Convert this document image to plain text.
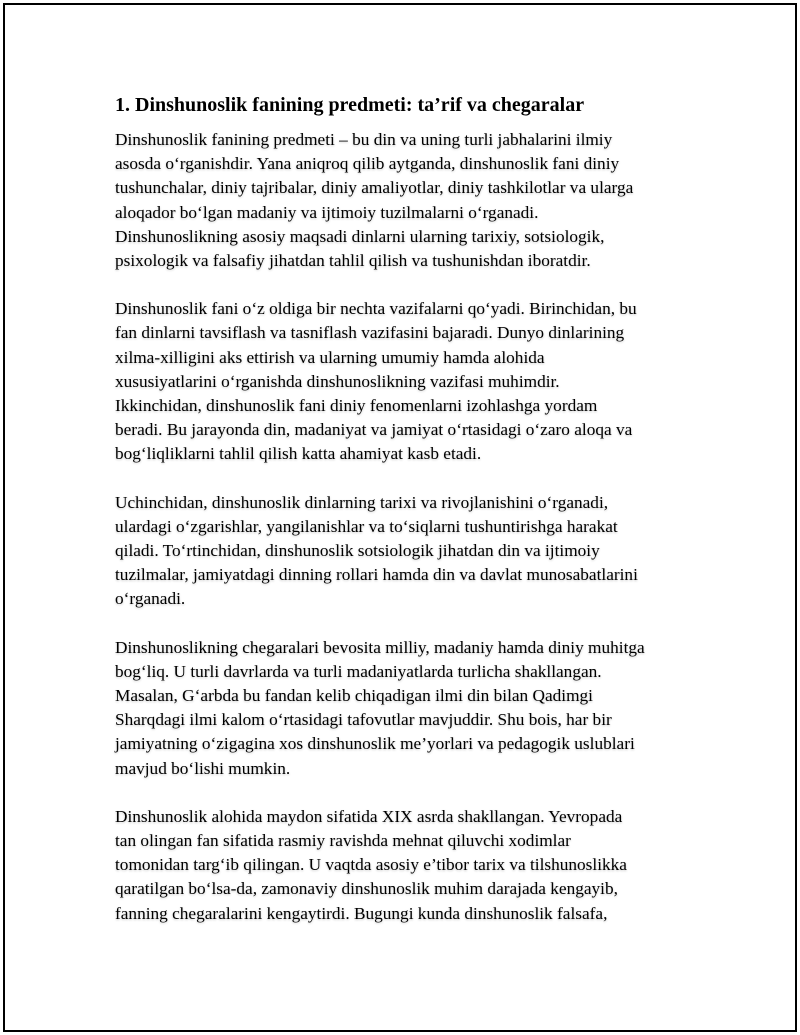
1. Dinshunoslik fanining predmeti: ta’rif va chegaralar
Dinshunoslik fanining predmeti – bu din va uning turli jabhalarini ilmiy
asosda o‘rganishdir. Yana aniqroq qilib aytganda, dinshunoslik fani diniy
tushunchalar, diniy tajribalar, diniy amaliyotlar, diniy tashkilotlar va ularga
aloqador bo‘lgan madaniy va ijtimoiy tuzilmalarni o‘rganadi.
Dinshunoslikning asosiy maqsadi dinlarni ularning tarixiy, sotsiologik,
psixologik va falsafiy jihatdan tahlil qilish va tushunishdan iboratdir.
Dinshunoslik fani o‘z oldiga bir nechta vazifalarni qo‘yadi. Birinchidan, bu
fan dinlarni tavsiflash va tasniflash vazifasini bajaradi. Dunyo dinlarining
xilma-xilligini aks ettirish va ularning umumiy hamda alohida
xususiyatlarini o‘rganishda dinshunoslikning vazifasi muhimdir.
Ikkinchidan, dinshunoslik fani diniy fenomenlarni izohlashga yordam
beradi. Bu jarayonda din, madaniyat va jamiyat o‘rtasidagi o‘zaro aloqa va
bog‘liqliklarni tahlil qilish katta ahamiyat kasb etadi.
Uchinchidan, dinshunoslik dinlarning tarixi va rivojlanishini o‘rganadi,
ulardagi o‘zgarishlar, yangilanishlar va to‘siqlarni tushuntirishga harakat
qiladi. To‘rtinchidan, dinshunoslik sotsiologik jihatdan din va ijtimoiy
tuzilmalar, jamiyatdagi dinning rollari hamda din va davlat munosabatlarini
o‘rganadi.
Dinshunoslikning chegaralari bevosita milliy, madaniy hamda diniy muhitga
bog‘liq. U turli davrlarda va turli madaniyatlarda turlicha shakllangan.
Masalan, G‘arbda bu fandan kelib chiqadigan ilmi din bilan Qadimgi
Sharqdagi ilmi kalom o‘rtasidagi tafovutlar mavjuddir. Shu bois, har bir
jamiyatning o‘zigagina xos dinshunoslik me’yorlari va pedagogik uslublari
mavjud bo‘lishi mumkin.
Dinshunoslik alohida maydon sifatida XIX asrda shakllangan. Yevropada
tan olingan fan sifatida rasmiy ravishda mehnat qiluvchi xodimlar
tomonidan targ‘ib qilingan. U vaqtda asosiy e’tibor tarix va tilshunoslikka
qaratilgan bo‘lsa-da, zamonaviy dinshunoslik muhim darajada kengayib,
fanning chegaralarini kengaytirdi. Bugungi kunda dinshunoslik falsafa,
